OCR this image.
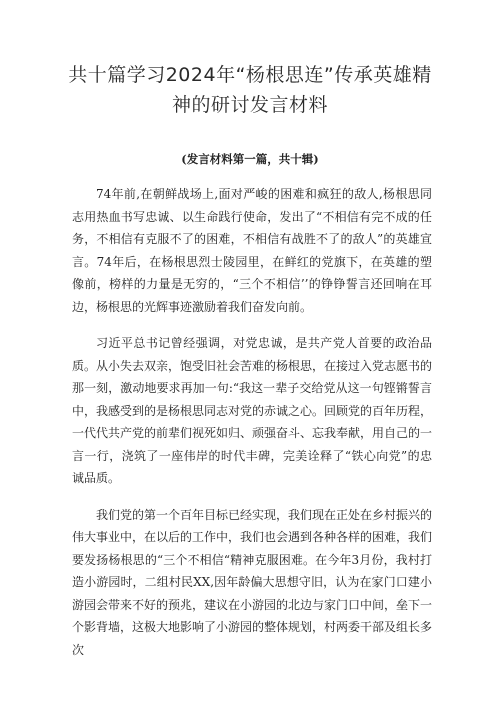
共十篇学习2024年“杨根思连”传承英雄精神的研讨发言材料
(发言材料第一篇，共十辑)

74年前,在朝鲜战场上,面对严峻的困难和疯狂的敌人,杨根思同志用热血书写忠诚、以生命践行使命，发出了“不相信有完不成的任务，不相信有克服不了的困难，不相信有战胜不了的敌人”的英雄宣言。74年后，在杨根思烈士陵园里，在鲜红的党旗下，在英雄的塑像前，榜样的力量是无穷的，“三个不相信’’的铮铮誓言还回响在耳边，杨根思的光辉事迹激励着我们奋发向前。

习近平总书记曾经强调，对党忠诚，是共产党人首要的政治品质。从小失去双亲，饱受旧社会苦难的杨根思，在接过入党志愿书的那一刻，激动地要求再加一句:“我这一辈子交给党从这一句铿锵誓言中，我感受到的是杨根思同志对党的赤诚之心。回顾党的百年历程，一代代共产党的前辈们视死如归、顽强奋斗、忘我奉献，用自己的一言一行，浇筑了一座伟岸的时代丰碑，完美诠释了“铁心向党”的忠诚品质。

我们党的第一个百年目标已经实现，我们现在正处在乡村振兴的伟大事业中，在以后的工作中，我们也会遇到各种各样的困难，我们要发扬杨根思的“三个不相信“精神克服困难。在今年3月份，我村打造小游园时，二组村民XX,因年龄偏大思想守旧，认为在家门口建小游园会带来不好的预兆，建议在小游园的北边与家门口中间，垒下一个影背墙，这极大地影响了小游园的整体规划，村两委干部及组长多次
